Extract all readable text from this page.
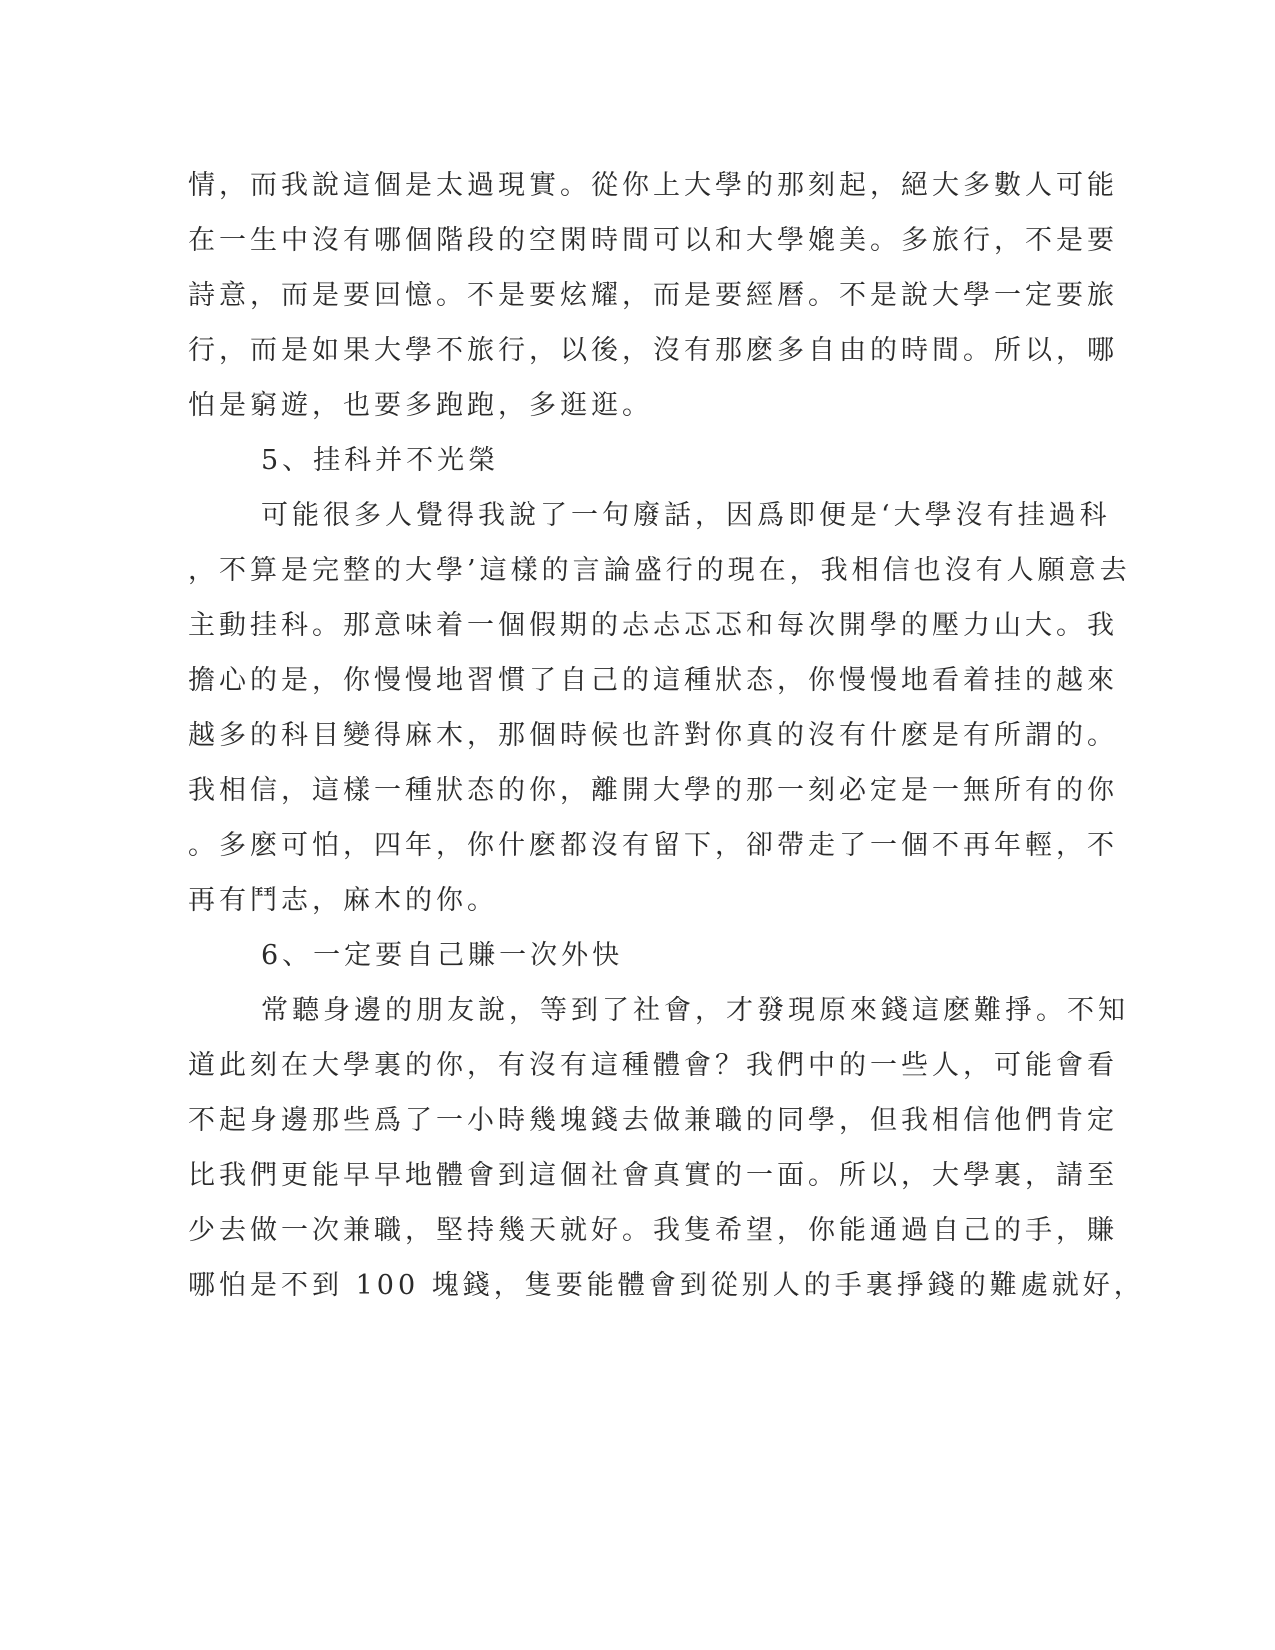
情，而我說這個是太過現實。從你上大學的那刻起，絕大多數人可能
在一生中沒有哪個階段的空閑時間可以和大學媲美。多旅行，不是要
詩意，而是要回憶。不是要炫耀，而是要經曆。不是說大學一定要旅
行，而是如果大學不旅行，以後，沒有那麽多自由的時間。所以，哪
怕是窮遊，也要多跑跑，多逛逛。
5、挂科并不光榮
可能很多人覺得我說了一句廢話，因爲即便是‘大學沒有挂過科
，不算是完整的大學’這樣的言論盛行的現在，我相信也沒有人願意去
主動挂科。那意味着一個假期的忐忐忑忑和每次開學的壓力山大。我
擔心的是，你慢慢地習慣了自己的這種狀态，你慢慢地看着挂的越來
越多的科目變得麻木，那個時候也許對你真的沒有什麽是有所謂的。
我相信，這樣一種狀态的你，離開大學的那一刻必定是一無所有的你
。多麽可怕，四年，你什麽都沒有留下，卻帶走了一個不再年輕，不
再有鬥志，麻木的你。
6、一定要自己賺一次外快
常聽身邊的朋友說，等到了社會，才發現原來錢這麽難掙。不知
道此刻在大學裏的你，有沒有這種體會？我們中的一些人，可能會看
不起身邊那些爲了一小時幾塊錢去做兼職的同學，但我相信他們肯定
比我們更能早早地體會到這個社會真實的一面。所以，大學裏，請至
少去做一次兼職，堅持幾天就好。我隻希望，你能通過自己的手，賺
哪怕是不到 100 塊錢，隻要能體會到從别人的手裏掙錢的難處就好，
